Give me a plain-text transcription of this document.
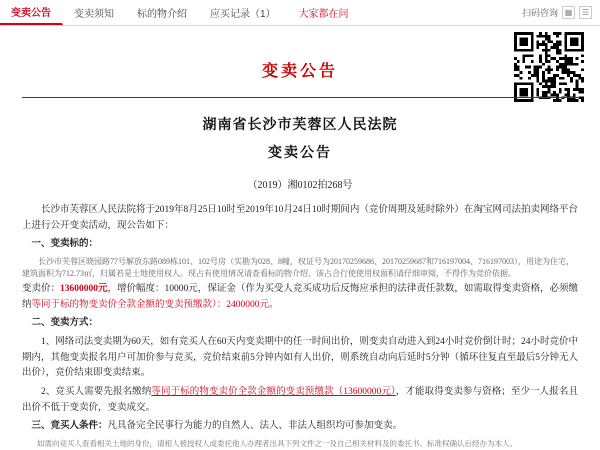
变卖公告 变卖须知 标的物介绍 应买记录（1） 大家都在问	扫码咨询 ▦	☰
变卖公告
湖南省长沙市芙蓉区人民法院
变卖公告
（2019）湘0102拍268号

长沙市芙蓉区人民法院将于2019年8月25日10时至2019年10月24日10时期间内（竞价周期及延时除外）在淘宝网司法拍卖网络平台上进行公开变卖活动，现公告如下：

一、变卖标的：

长沙市芙蓉区晓园路77号解放东路089栋101、102号房（实勘为028、8幢，权证号为20170259686、20170259687和716197004、716197003），用途为住宅，建筑面积为712.73㎡，归属若是土地使用权人。现占有使用情况请查看标的物介绍，该占合行使使用权面积请仔细审阅，不得作为竞价依据。

变卖价：13600000元，增价幅度：10000元，保证金（作为买受人竞买成功后反悔应承担的法律责任款数，如需取得变卖资格，必须缴纳等同于标的物变卖价全款金额的变卖预缴款）：2400000元。

二、变卖方式：

1、网络司法变卖期为60天，如有竞买人在60天内变卖期中的任一时间出价，则变卖自动进入到24小时竞价倒计时；24小时竞价中期内，其他变卖报名用户可加价参与竞买，竞价结束前5分钟内如有人出价，则系统自动向后延时5分钟（循环往复直至最后5分钟无人出价），竞价结束即变卖结束。

2、竞买人需要先报名缴纳等同于标的物变卖价全款金额的变卖预缴款（13600000元），才能取得变卖参与资格；至少一人报名且出价不低于变卖价，变卖成交。

三、竞买人条件：凡具备完全民事行为能力的自然人、法人、非法人组织均可参加变卖。

如需向竞买人查看相关土地的身份，请相人被授权人或委托他人办理者出具下列文件之一及自己相关材料及的委托书、标准权确认后经办为本人。
